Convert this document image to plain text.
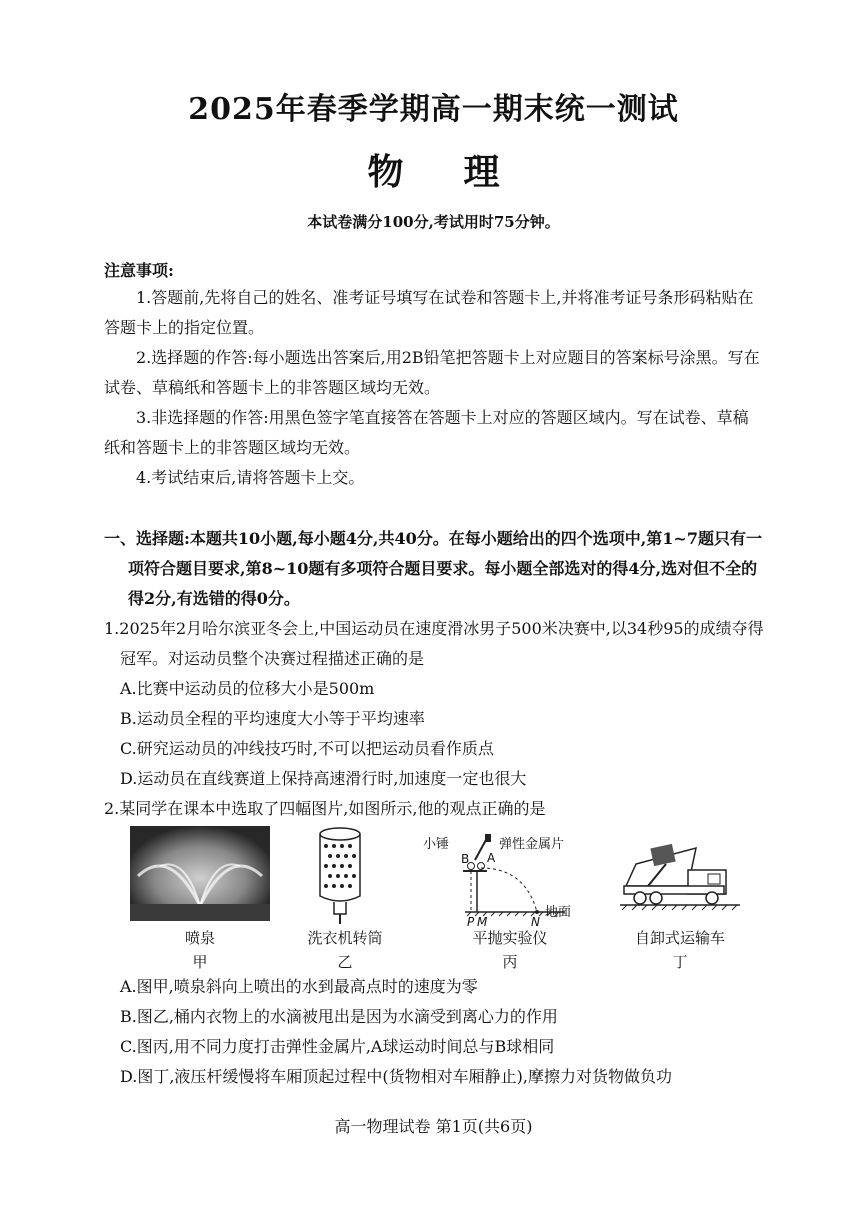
2025年春季学期高一期末统一测试
物理
本试卷满分100分,考试用时75分钟。
注意事项:
1.答题前,先将自己的姓名、准考证号填写在试卷和答题卡上,并将准考证号条形码粘贴在答题卡上的指定位置。
2.选择题的作答:每小题选出答案后,用2B铅笔把答题卡上对应题目的答案标号涂黑。写在试卷、草稿纸和答题卡上的非答题区域均无效。
3.非选择题的作答:用黑色签字笔直接答在答题卡上对应的答题区域内。写在试卷、草稿纸和答题卡上的非答题区域均无效。
4.考试结束后,请将答题卡上交。
一、选择题:本题共10小题,每小题4分,共40分。在每小题给出的四个选项中,第1~7题只有一项符合题目要求,第8~10题有多项符合题目要求。每小题全部选对的得4分,选对但不全的得2分,有选错的得0分。
1.2025年2月哈尔滨亚冬会上,中国运动员在速度滑冰男子500米决赛中,以34秒95的成绩夺得冠军。对运动员整个决赛过程描述正确的是
A.比赛中运动员的位移大小是500m
B.运动员全程的平均速度大小等于平均速率
C.研究运动员的冲线技巧时,不可以把运动员看作质点
D.运动员在直线赛道上保持高速滑行时,加速度一定也很大
2.某同学在课本中选取了四幅图片,如图所示,他的观点正确的是
喷泉
甲
洗衣机转筒
乙
小锤	弹性金属片
B A
地面
P M	N
平抛实验仪
丙
自卸式运输车
丁
A.图甲,喷泉斜向上喷出的水到最高点时的速度为零
B.图乙,桶内衣物上的水滴被甩出是因为水滴受到离心力的作用
C.图丙,用不同力度打击弹性金属片,A球运动时间总与B球相同
D.图丁,液压杆缓慢将车厢顶起过程中(货物相对车厢静止),摩擦力对货物做负功
高一物理试卷 第1页(共6页)
